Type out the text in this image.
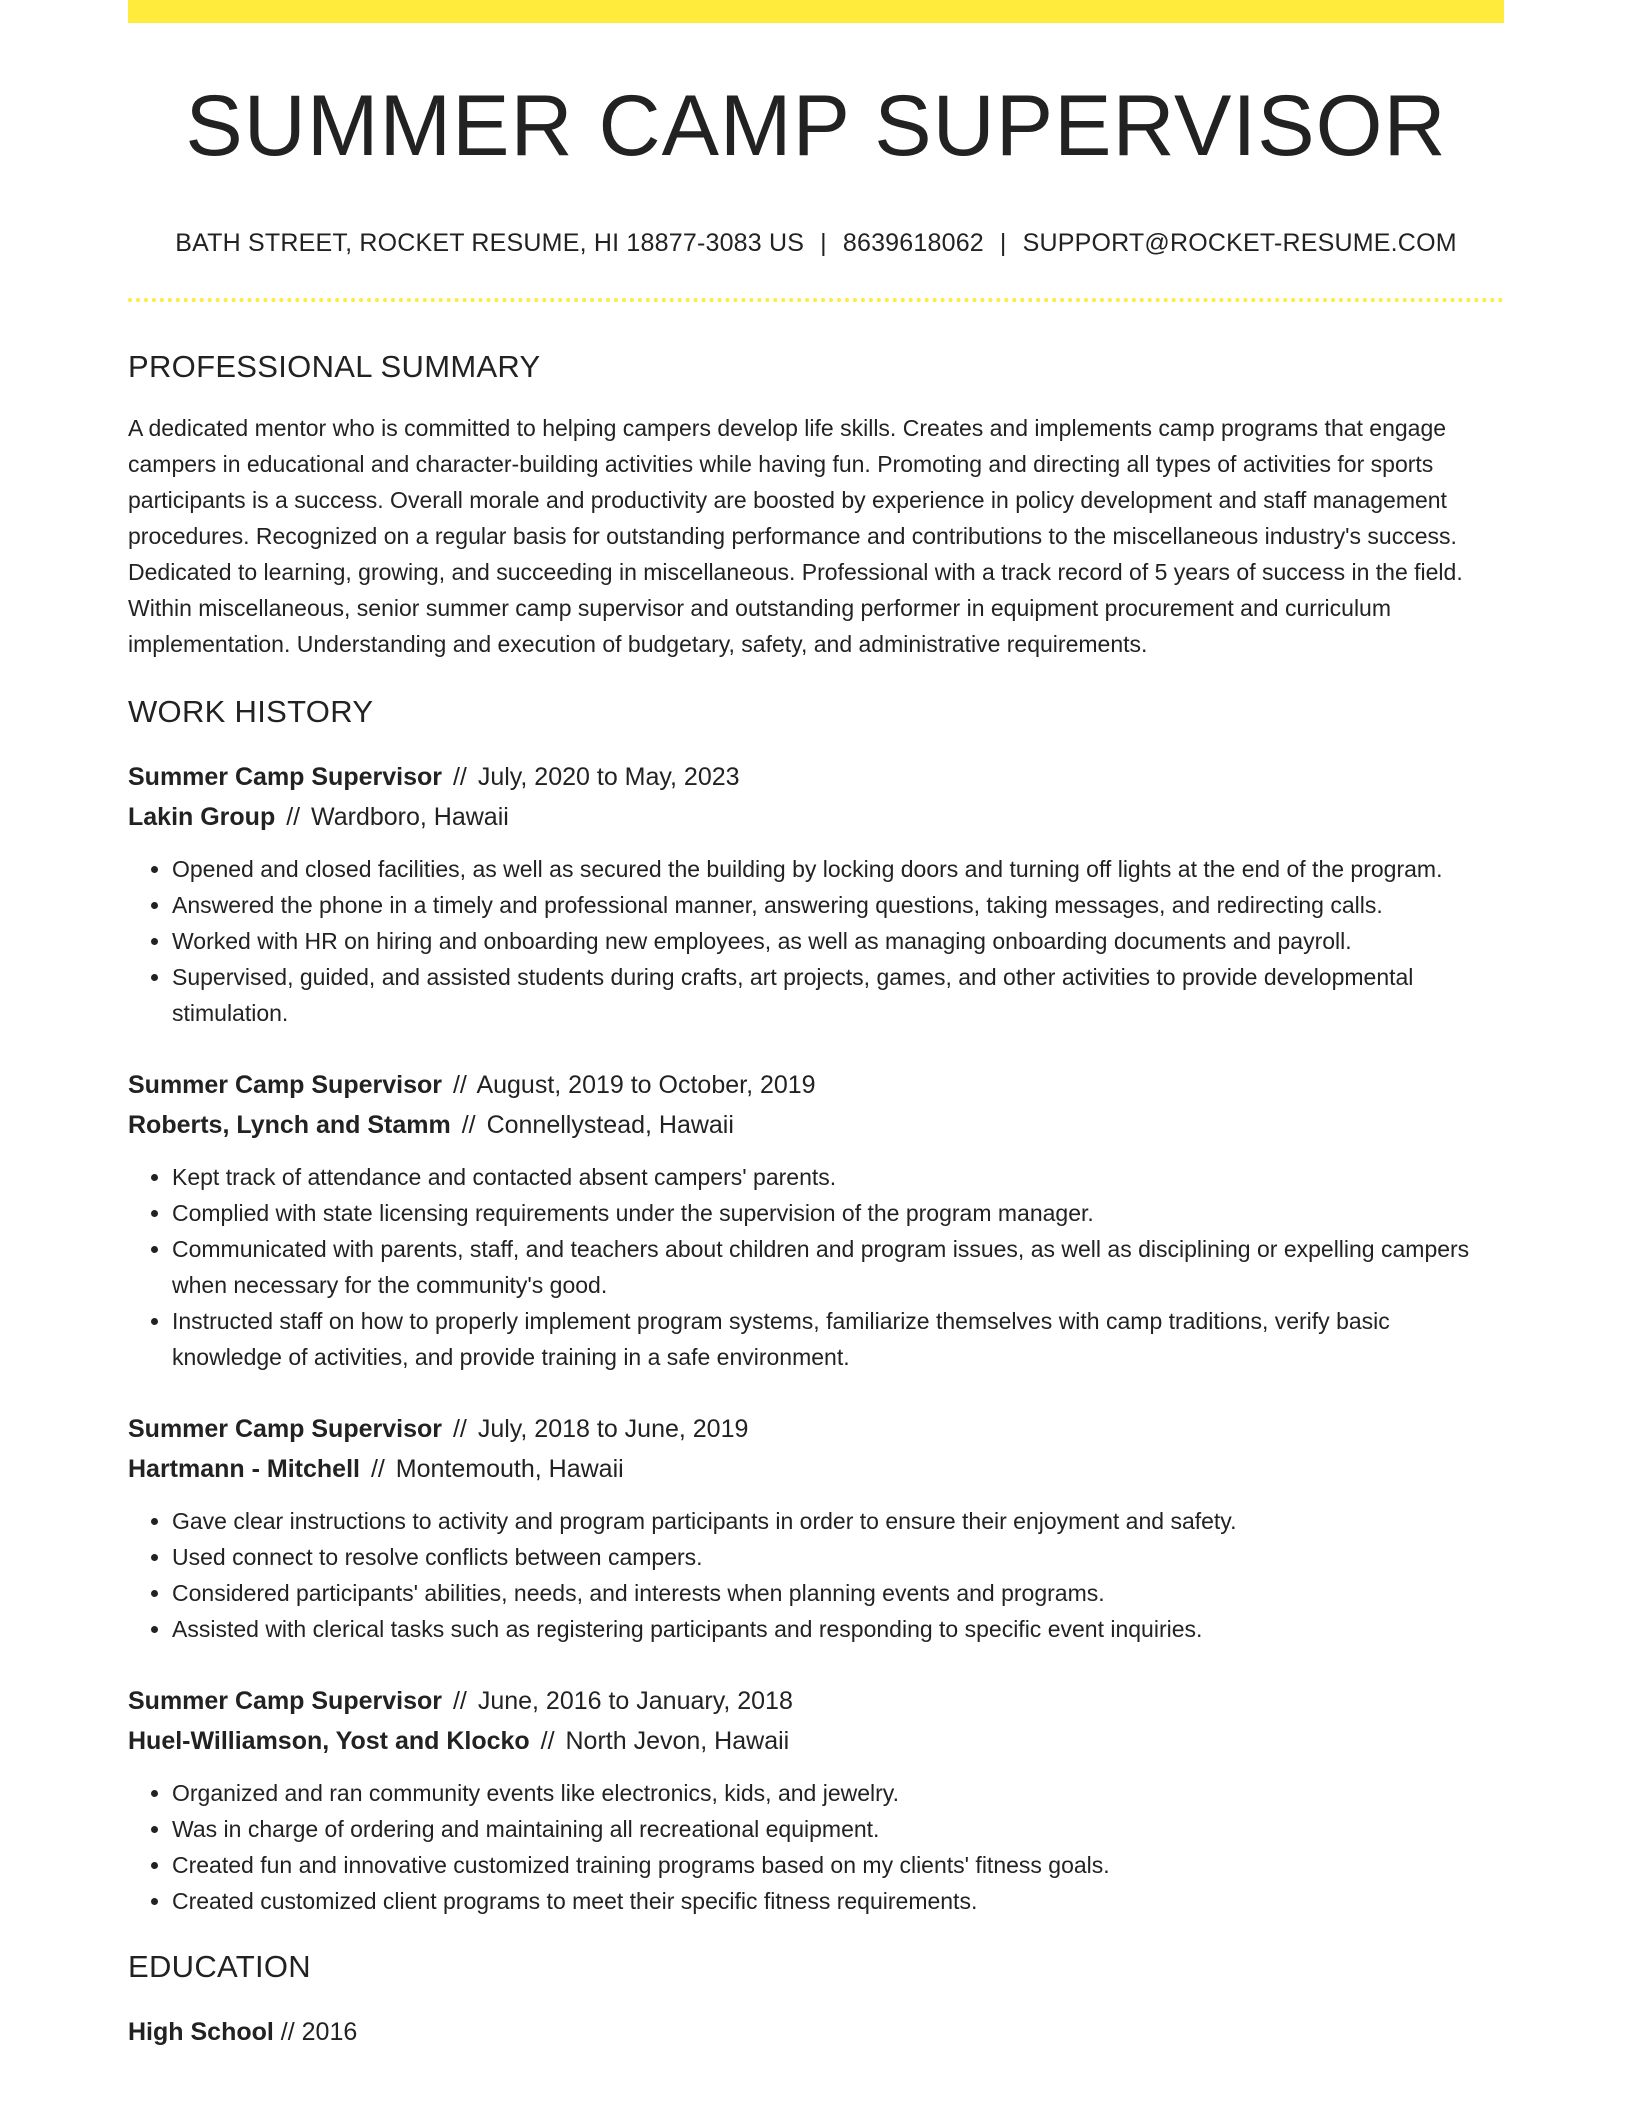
SUMMER CAMP SUPERVISOR
BATH STREET, ROCKET RESUME, HI 18877-3083 US | 8639618062 | SUPPORT@ROCKET-RESUME.COM
PROFESSIONAL SUMMARY

A dedicated mentor who is committed to helping campers develop life skills. Creates and implements camp programs that engage campers in educational and character-building activities while having fun. Promoting and directing all types of activities for sports participants is a success. Overall morale and productivity are boosted by experience in policy development and staff management procedures. Recognized on a regular basis for outstanding performance and contributions to the miscellaneous industry's success. Dedicated to learning, growing, and succeeding in miscellaneous. Professional with a track record of 5 years of success in the field. Within miscellaneous, senior summer camp supervisor and outstanding performer in equipment procurement and curriculum implementation. Understanding and execution of budgetary, safety, and administrative requirements.

WORK HISTORY
Summer Camp Supervisor // July, 2020 to May, 2023
Lakin Group // Wardboro, Hawaii
• Opened and closed facilities, as well as secured the building by locking doors and turning off lights at the end of the program.
• Answered the phone in a timely and professional manner, answering questions, taking messages, and redirecting calls.
• Worked with HR on hiring and onboarding new employees, as well as managing onboarding documents and payroll.
• Supervised, guided, and assisted students during crafts, art projects, games, and other activities to provide developmental stimulation.
Summer Camp Supervisor // August, 2019 to October, 2019
Roberts, Lynch and Stamm // Connellystead, Hawaii
• Kept track of attendance and contacted absent campers' parents.
• Complied with state licensing requirements under the supervision of the program manager.
• Communicated with parents, staff, and teachers about children and program issues, as well as disciplining or expelling campers when necessary for the community's good.
• Instructed staff on how to properly implement program systems, familiarize themselves with camp traditions, verify basic knowledge of activities, and provide training in a safe environment.
Summer Camp Supervisor // July, 2018 to June, 2019
Hartmann - Mitchell // Montemouth, Hawaii
• Gave clear instructions to activity and program participants in order to ensure their enjoyment and safety.
• Used connect to resolve conflicts between campers.
• Considered participants' abilities, needs, and interests when planning events and programs.
• Assisted with clerical tasks such as registering participants and responding to specific event inquiries.
Summer Camp Supervisor // June, 2016 to January, 2018
Huel-Williamson, Yost and Klocko // North Jevon, Hawaii
• Organized and ran community events like electronics, kids, and jewelry.
• Was in charge of ordering and maintaining all recreational equipment.
• Created fun and innovative customized training programs based on my clients' fitness goals.
• Created customized client programs to meet their specific fitness requirements.
EDUCATION
High School // 2016
